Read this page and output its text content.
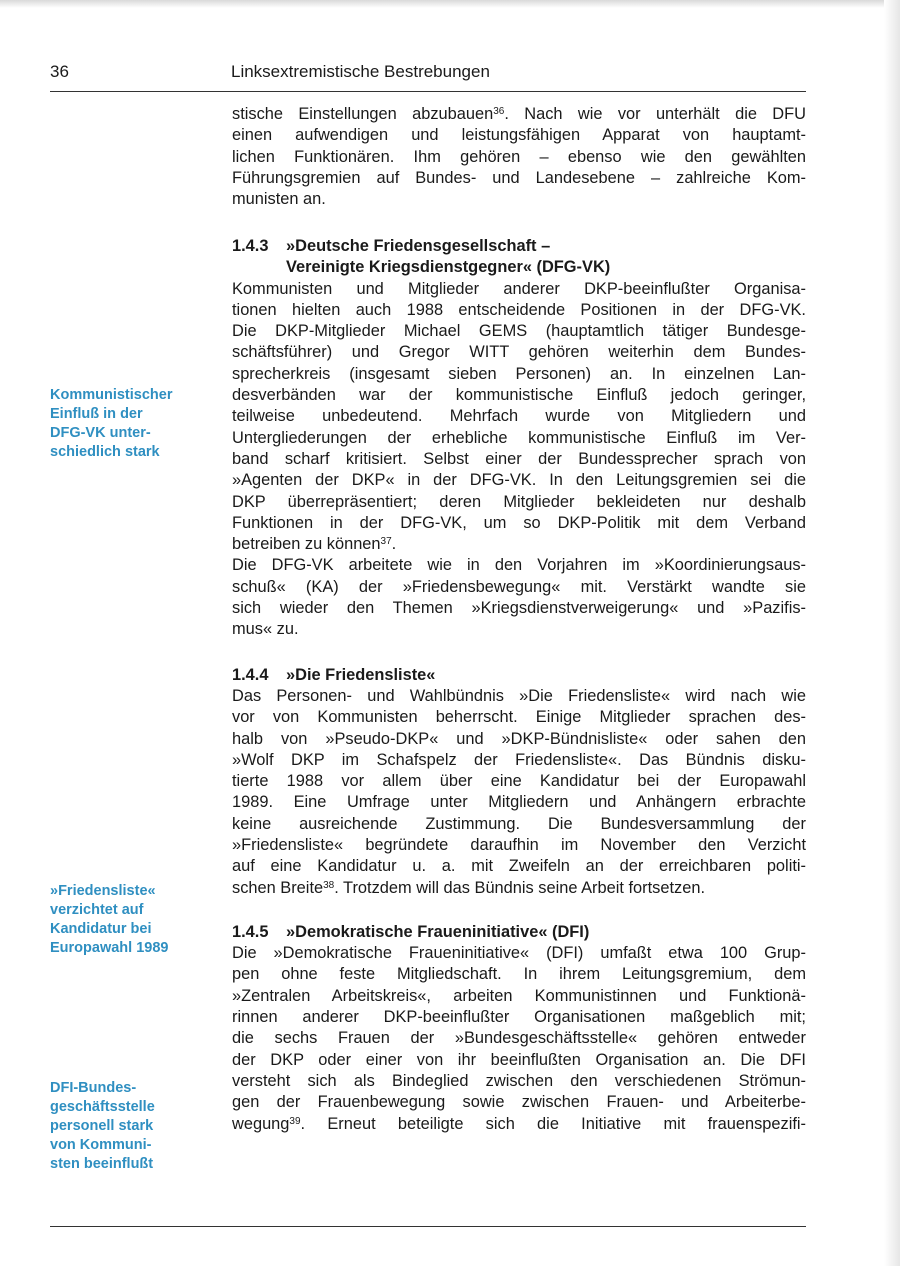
36	Linksextremistische Bestrebungen
Kommunistischer
Einfluß in der
DFG-VK unter-
schiedlich stark
»Friedensliste«
verzichtet auf
Kandidatur bei
Europawahl 1989
DFI-Bundes-
geschäftsstelle
personell stark
von Kommuni-
sten beeinflußt
stische Einstellungen abzubauen$^{36}$. Nach wie vor unterhält die DFU
einen aufwendigen und leistungsfähigen Apparat von hauptamt-
lichen Funktionären. Ihm gehören – ebenso wie den gewählten
Führungsgremien auf Bundes- und Landesebene – zahlreiche Kom-
munisten an.
1.4.3 »Deutsche Friedensgesellschaft –
Vereinigte Kriegsdienstgegner« (DFG-VK)
Kommunisten und Mitglieder anderer DKP-beeinflußter Organisa-
tionen hielten auch 1988 entscheidende Positionen in der DFG-VK.
Die DKP-Mitglieder Michael GEMS (hauptamtlich tätiger Bundesge-
schäftsführer) und Gregor WITT gehören weiterhin dem Bundes-
sprecherkreis (insgesamt sieben Personen) an. In einzelnen Lan-
desverbänden war der kommunistische Einfluß jedoch geringer,
teilweise unbedeutend. Mehrfach wurde von Mitgliedern und
Untergliederungen der erhebliche kommunistische Einfluß im Ver-
band scharf kritisiert. Selbst einer der Bundessprecher sprach von
»Agenten der DKP« in der DFG-VK. In den Leitungsgremien sei die
DKP überrepräsentiert; deren Mitglieder bekleideten nur deshalb
Funktionen in der DFG-VK, um so DKP-Politik mit dem Verband
betreiben zu können$^{37}$.
Die DFG-VK arbeitete wie in den Vorjahren im »Koordinierungsaus-
schuß« (KA) der »Friedensbewegung« mit. Verstärkt wandte sie
sich wieder den Themen »Kriegsdienstverweigerung« und »Pazifis-
mus« zu.
1.4.4 »Die Friedensliste«
Das Personen- und Wahlbündnis »Die Friedensliste« wird nach wie
vor von Kommunisten beherrscht. Einige Mitglieder sprachen des-
halb von »Pseudo-DKP« und »DKP-Bündnisliste« oder sahen den
»Wolf DKP im Schafspelz der Friedensliste«. Das Bündnis disku-
tierte 1988 vor allem über eine Kandidatur bei der Europawahl
1989. Eine Umfrage unter Mitgliedern und Anhängern erbrachte
keine ausreichende Zustimmung. Die Bundesversammlung der
»Friedensliste« begründete daraufhin im November den Verzicht
auf eine Kandidatur u. a. mit Zweifeln an der erreichbaren politi-
schen Breite$^{38}$. Trotzdem will das Bündnis seine Arbeit fortsetzen.
1.4.5 »Demokratische Fraueninitiative« (DFI)
Die »Demokratische Fraueninitiative« (DFI) umfaßt etwa 100 Grup-
pen ohne feste Mitgliedschaft. In ihrem Leitungsgremium, dem
»Zentralen Arbeitskreis«, arbeiten Kommunistinnen und Funktionä-
rinnen anderer DKP-beeinflußter Organisationen maßgeblich mit;
die sechs Frauen der »Bundesgeschäftsstelle« gehören entweder
der DKP oder einer von ihr beeinflußten Organisation an. Die DFI
versteht sich als Bindeglied zwischen den verschiedenen Strömun-
gen der Frauenbewegung sowie zwischen Frauen- und Arbeiterbe-
wegung$^{39}$. Erneut beteiligte sich die Initiative mit frauenspezifi-
